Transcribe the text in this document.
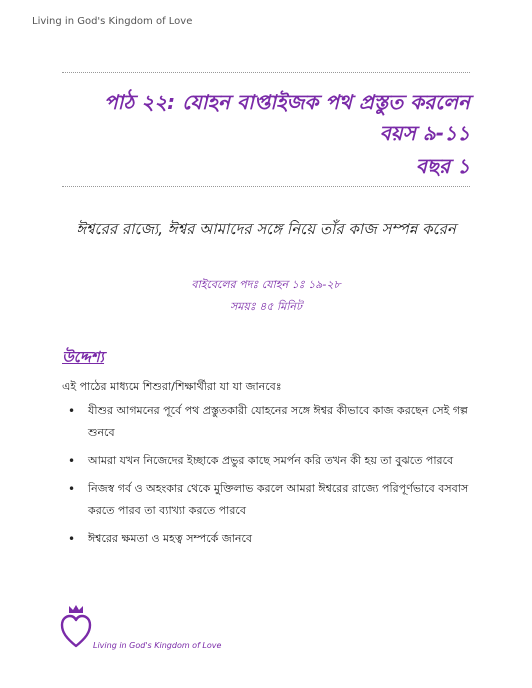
Living in God's Kingdom of Love
পাঠ ২২: যোহন বাপ্তাইজক পথ প্রস্তুত করলেন
বয়স ৯-১১
বছর ১
ঈশ্বরের রাজ্যে, ঈশ্বর আমাদের সঙ্গে নিয়ে তাঁর কাজ সম্পন্ন করেন
বাইবেলের পদঃ যোহন ১ঃ ১৯-২৮
সময়ঃ ৪৫ মিনিট
উদ্দেশ্য
এই পাঠের মাধ্যমে শিশুরা/শিক্ষার্থীরা যা যা জানবেঃ
• যীশুর আগমনের পূর্বে পথ প্রস্তুতকারী যোহনের সঙ্গে ঈশ্বর কীভাবে কাজ করছেন সেই গল্প শুনবে
• আমরা যখন নিজেদের ইচ্ছাকে প্রভুর কাছে সমর্পন করি তখন কী হয় তা বুঝতে পারবে
• নিজস্ব গর্ব ও অহংকার থেকে মুক্তিলাভ করলে আমরা ঈশ্বরের রাজ্যে পরিপূর্ণভাবে বসবাস করতে পারব তা ব্যাখ্যা করতে পারবে
• ঈশ্বরের ক্ষমতা ও মহত্ব সম্পর্কে জানবে
Living in God's Kingdom of Love
